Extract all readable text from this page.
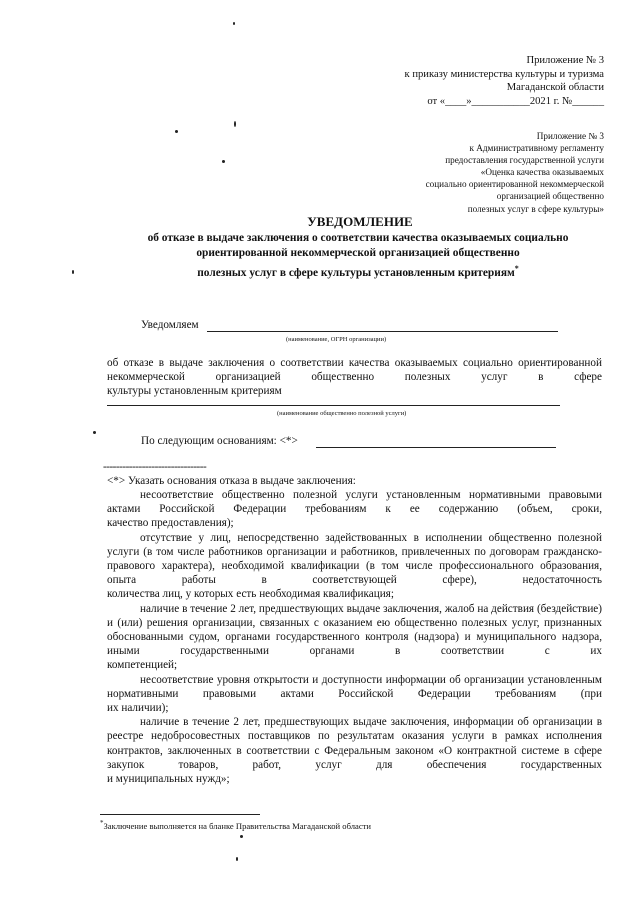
Приложение № 3
к приказу министерства культуры и туризма
Магаданской области
от «____»___________2021 г. №______
Приложение № 3
к Административному регламенту
предоставления государственной услуги
«Оценка качества оказываемых
социально ориентированной некоммерческой
организацией общественно
полезных услуг в сфере культуры»
УВЕДОМЛЕНИЕ
об отказе в выдаче заключения о соответствии качества оказываемых социально
ориентированной некоммерческой организацией общественно
полезных услуг в сфере культуры установленным критериям*
Уведомляем
(наименование, ОГРН организации)
об отказе в выдаче заключения о соответствии качества оказываемых социально ориентированной некоммерческой организацией общественно полезных услуг в сфере
культуры установленным критериям
(наименование общественно полезной услуги)
По следующим основаниям: <*>
--------------------------------
<*> Указать основания отказа в выдаче заключения:
несоответствие общественно полезной услуги установленным нормативными правовыми актами Российской Федерации требованиям к ее содержанию (объем, сроки,
качество предоставления);
отсутствие у лиц, непосредственно задействованных в исполнении общественно полезной услуги (в том числе работников организации и работников, привлеченных по договорам гражданско-правового характера), необходимой квалификации (в том числе профессионального образования, опыта работы в соответствующей сфере), недостаточность
количества лиц, у которых есть необходимая квалификация;
наличие в течение 2 лет, предшествующих выдаче заключения, жалоб на действия (бездействие) и (или) решения организации, связанных с оказанием ею общественно полезных услуг, признанных обоснованными судом, органами государственного контроля (надзора) и муниципального надзора, иными государственными органами в соответствии с их
компетенцией;
несоответствие уровня открытости и доступности информации об организации установленным нормативными правовыми актами Российской Федерации требованиям (при
их наличии);
наличие в течение 2 лет, предшествующих выдаче заключения, информации об организации в реестре недобросовестных поставщиков по результатам оказания услуги в рамках исполнения контрактов, заключенных в соответствии с Федеральным законом «О контрактной системе в сфере закупок товаров, работ, услуг для обеспечения государственных
и муниципальных нужд»;
*Заключение выполняется на бланке Правительства Магаданской области
